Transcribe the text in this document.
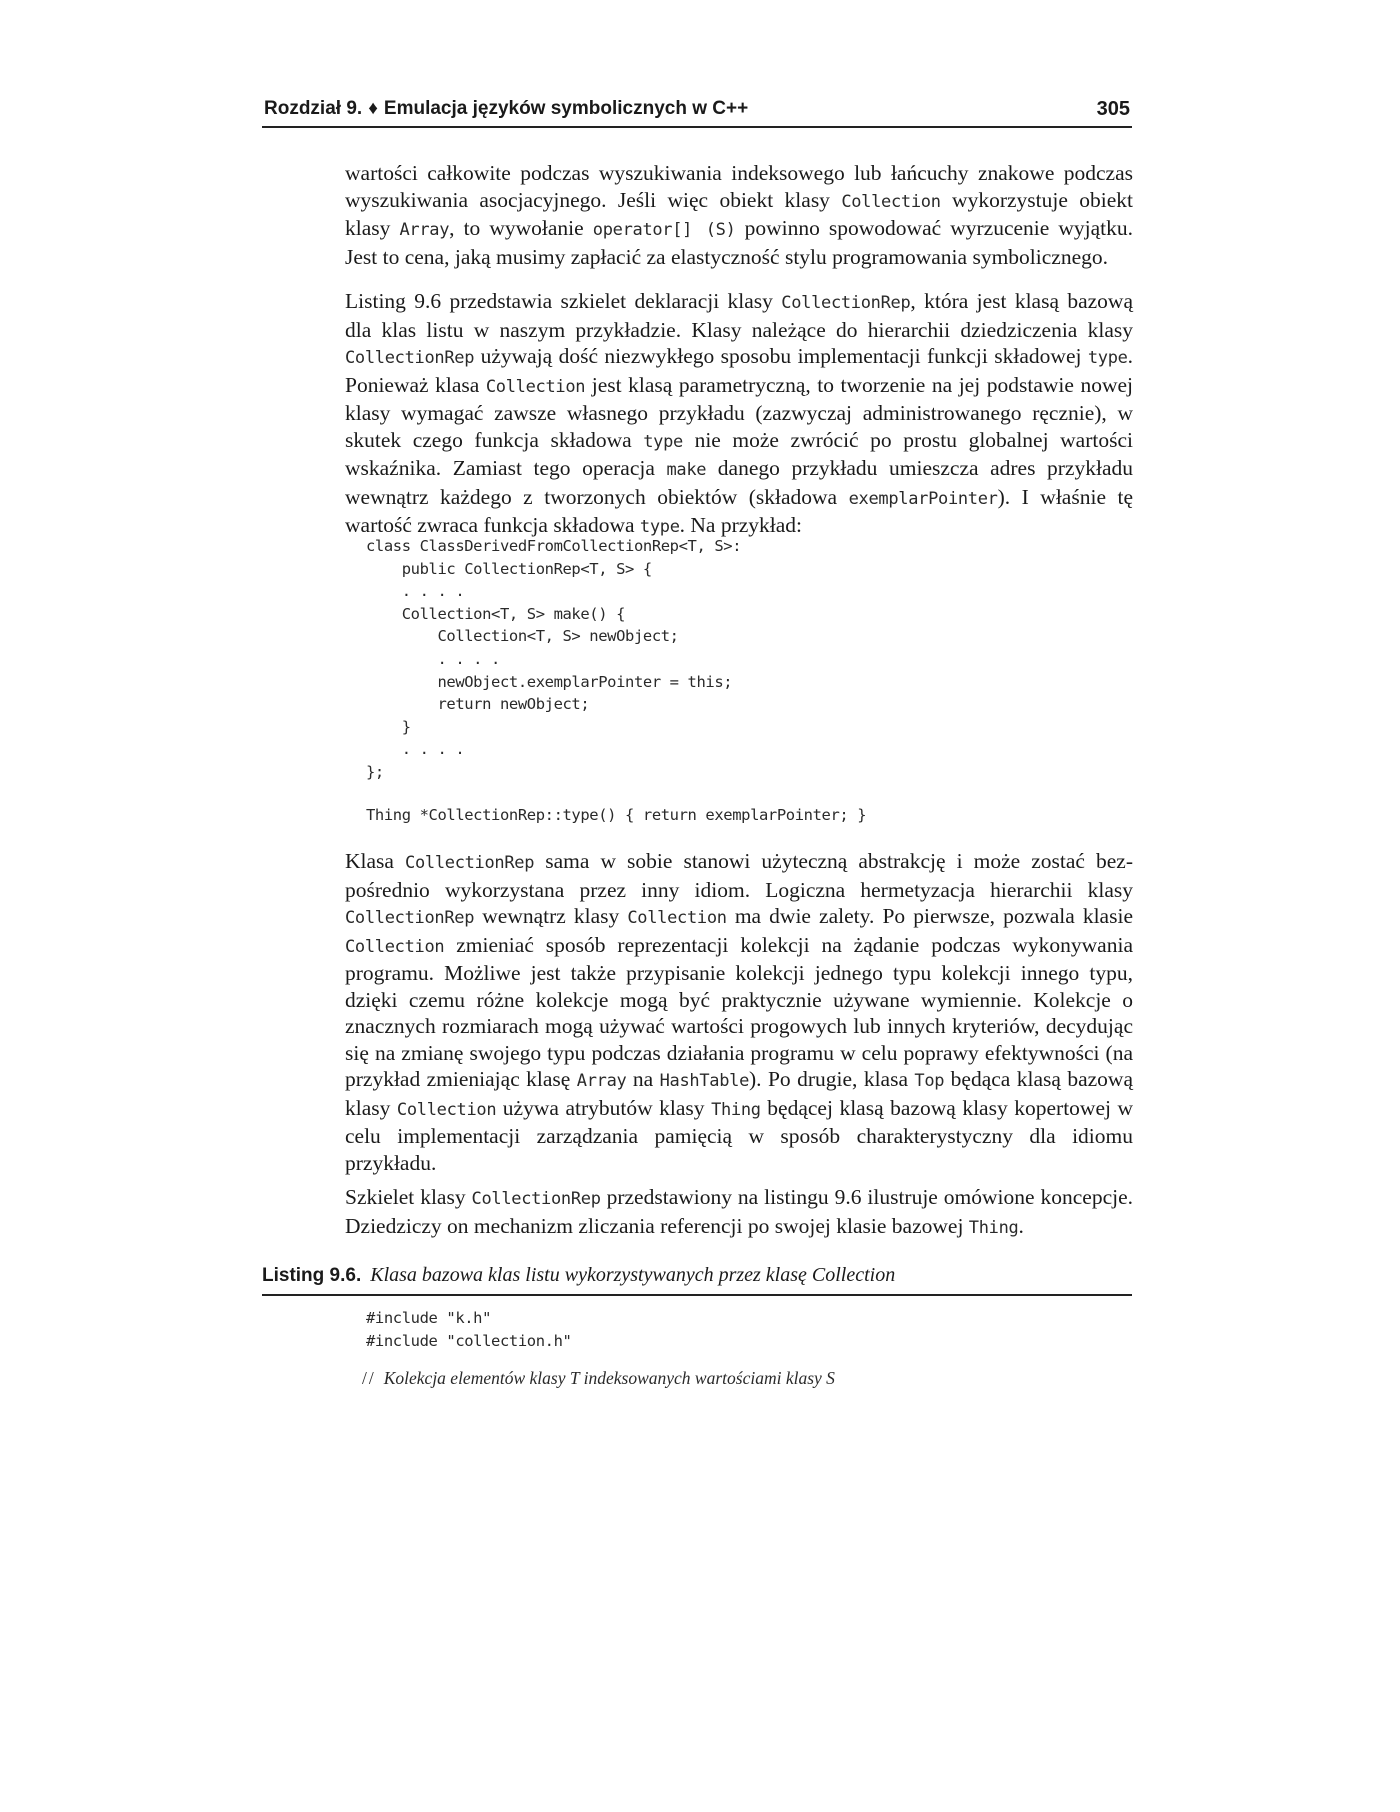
Rozdział 9. ♦ Emulacja języków symbolicznych w C++	305

wartości całkowite podczas wyszukiwania indeksowego lub łańcuchy znakowe podczas wyszukiwania asocjacyjnego. Jeśli więc obiekt klasy Collection wykorzystuje obiekt klasy Array, to wywołanie operator[] (S) powinno spowodować wyrzucenie wyjątku. Jest to cena, jaką musimy zapłacić za elastyczność stylu programowania symbolicznego.

Listing 9.6 przedstawia szkielet deklaracji klasy CollectionRep, która jest klasą bazową dla klas listu w naszym przykładzie. Klasy należące do hierarchii dziedziczenia klasy CollectionRep używają dość niezwykłego sposobu implementacji funkcji składowej type. Ponieważ klasa Collection jest klasą parametryczną, to tworzenie na jej podstawie nowej klasy wymagać zawsze własnego przykładu (zazwyczaj administrowanego ręcznie), w skutek czego funkcja składowa type nie może zwrócić po prostu globalnej wartości wskaźnika. Zamiast tego operacja make danego przykładu umieszcza adres przykładu wewnątrz każdego z tworzonych obiektów (składowa exemplarPointer). I właśnie tę wartość zwraca funkcja składowa type. Na przykład:

class ClassDerivedFromCollectionRep<T, S>:
public CollectionRep<T, S> {
. . . .
Collection<T, S> make() {
Collection<T, S> newObject;
. . . .
newObject.exemplarPointer = this;
return newObject;
}
. . . .
};
Thing *CollectionRep::type() { return exemplarPointer; }

Klasa CollectionRep sama w sobie stanowi użyteczną abstrakcję i może zostać bezpośrednio wykorzystana przez inny idiom. Logiczna hermetyzacja hierarchii klasy CollectionRep wewnątrz klasy Collection ma dwie zalety. Po pierwsze, pozwala klasie Collection zmieniać sposób reprezentacji kolekcji na żądanie podczas wykonywania programu. Możliwe jest także przypisanie kolekcji jednego typu kolekcji innego typu, dzięki czemu różne kolekcje mogą być praktycznie używane wymiennie. Kolekcje o znacznych rozmiarach mogą używać wartości progowych lub innych kryteriów, decydując się na zmianę swojego typu podczas działania programu w celu poprawy efektywności (na przykład zmieniając klasę Array na HashTable). Po drugie, klasa Top będąca klasą bazową klasy Collection używa atrybutów klasy Thing będącej klasą bazową klasy kopertowej w celu implementacji zarządzania pamięcią w sposób charakterystyczny dla idiomu przykładu.

Szkielet klasy CollectionRep przedstawiony na listingu 9.6 ilustruje omówione koncepcje. Dziedziczy on mechanizm zliczania referencji po swojej klasie bazowej Thing.

Listing 9.6. Klasa bazowa klas listu wykorzystywanych przez klasę Collection
#include "k.h"
#include "collection.h"
// Kolekcja elementów klasy T indeksowanych wartościami klasy S
